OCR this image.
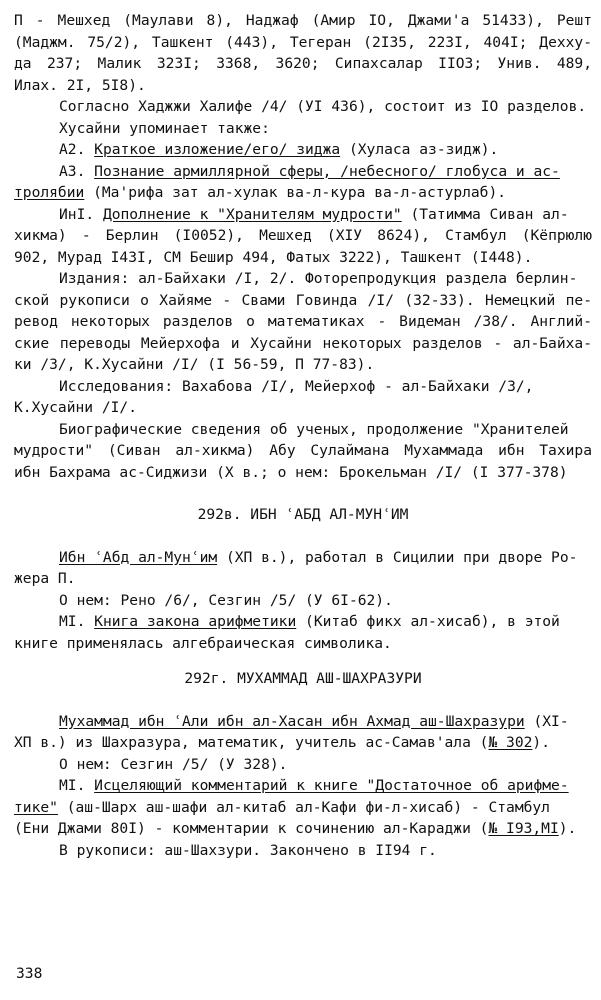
П - Мешхед (Маулави 8), Наджаф (Амир IO, Джами'а 51433), Решт
(Маджм. 75/2), Ташкент (443), Тегеран (2I35, 223I, 404I; Дехху-
да 237; Малик 323I; 3368, 3620; Сипахсалар IIO3; Унив. 489,
Илах. 2I, 5I8).
Согласно Хаджжи Халифе /4/ (УI 436), состоит из IO разделов.
Хусайни упоминает также:
А2. Краткое изложение/его/ зиджа (Хуласа аз-зидж).
А3. Познание армиллярной сферы, /небесного/ глобуса и ас-
тролябии (Ма'рифа зат ал-хулак ва-л-кура ва-л-астурлаб).
ИнI. Дополнение к "Хранителям мудрости" (Татимма Сиван ал-
хикма) - Берлин (I0052), Мешхед (XIУ 8624), Стамбул (Кёпрюлю
902, Мурад I43I, СМ Бешир 494, Фатых 3222), Ташкент (I448).
Издания: ал-Байхаки /I, 2/. Фоторепродукция раздела берлин-
ской рукописи о Хайяме - Свами Говинда /I/ (32-33). Немецкий пе-
ревод некоторых разделов о математиках - Видеман /38/. Англий-
ские переводы Мейерхофа и Хусайни некоторых разделов - ал-Байха-
ки /3/, К.Хусайни /I/ (I 56-59, П 77-83).
Исследования: Вахабова /I/, Мейерхоф - ал-Байхаки /3/,
К.Хусайни /I/.
Биографические сведения об ученых, продолжение "Хранителей
мудрости" (Сиван ал-хикма) Абу Сулаймана Мухаммада ибн Тахира
ибн Бахрама ас-Сиджизи (X в.; о нем: Брокельман /I/ (I 377-378)
292в. ИБН ʿАБД АЛ-МУНʿИМ
Ибн ʿАбд ал-Мунʿим (XП в.), работал в Сицилии при дворе Ро-
жера П.
О нем: Рено /6/, Сезгин /5/ (У 6I-62).
МI. Книга закона арифметики (Китаб фикх ал-хисаб), в этой
книге применялась алгебраическая символика.
292г. МУХАММАД АШ-ШАХРАЗУРИ
Мухаммад ибн ʿАли ибн ал-Хасан ибн Ахмад аш-Шахразури (XI-
XП в.) из Шахразура, математик, учитель ас-Самав'ала (№ 302).
О нем: Сезгин /5/ (У 328).
МI. Исцеляющий комментарий к книге "Достаточное об арифме-
тике" (аш-Шарх аш-шафи ал-китаб ал-Кафи фи-л-хисаб) - Стамбул
(Ени Джами 80I) - комментарии к сочинению ал-Караджи (№ I93,МI).
В рукописи: аш-Шахзури. Закончено в II94 г.
338
